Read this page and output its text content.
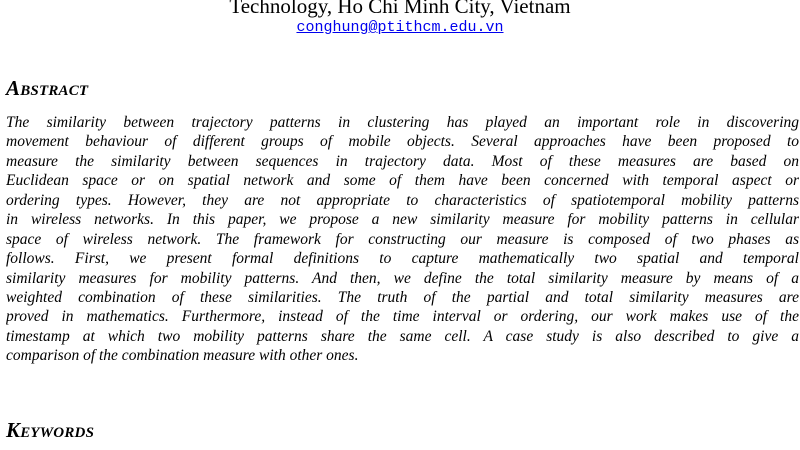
Technology, Ho Chi Minh City, Vietnam
conghung@ptithcm.edu.vn
Abstract
The similarity between trajectory patterns in clustering has played an important role in discovering
movement behaviour of different groups of mobile objects. Several approaches have been proposed to
measure the similarity between sequences in trajectory data. Most of these measures are based on
Euclidean space or on spatial network and some of them have been concerned with temporal aspect or
ordering types. However, they are not appropriate to characteristics of spatiotemporal mobility patterns
in wireless networks. In this paper, we propose a new similarity measure for mobility patterns in cellular
space of wireless network. The framework for constructing our measure is composed of two phases as
follows. First, we present formal definitions to capture mathematically two spatial and temporal
similarity measures for mobility patterns. And then, we define the total similarity measure by means of a
weighted combination of these similarities. The truth of the partial and total similarity measures are
proved in mathematics. Furthermore, instead of the time interval or ordering, our work makes use of the
timestamp at which two mobility patterns share the same cell. A case study is also described to give a
comparison of the combination measure with other ones.
Keywords
